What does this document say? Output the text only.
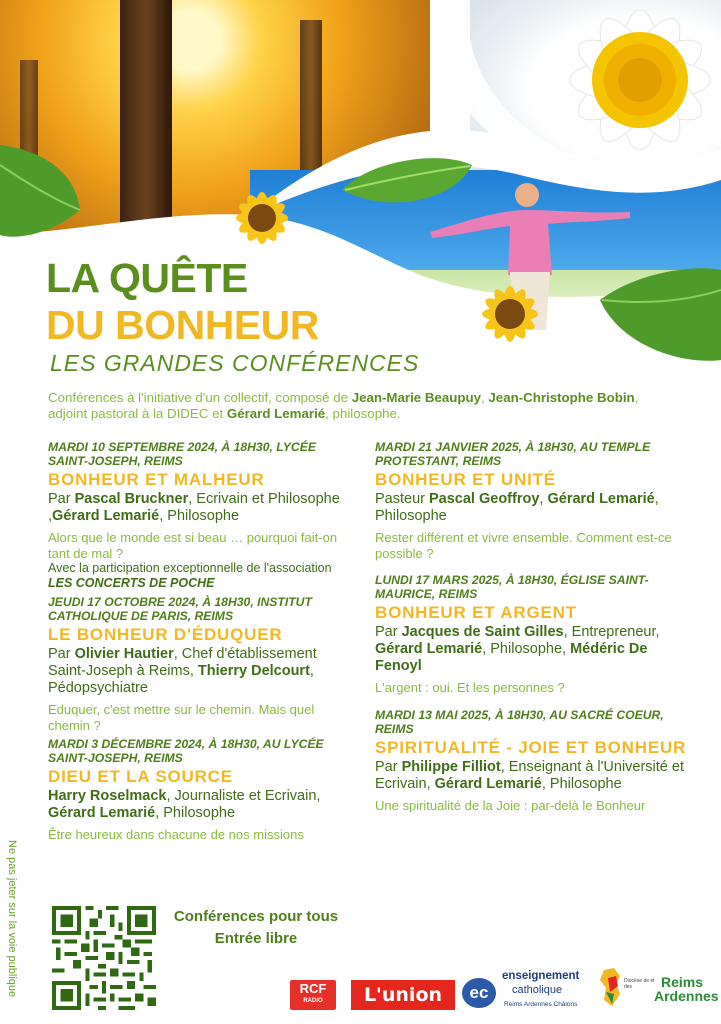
LA QUÊTE
DU BONHEUR
LES GRANDES CONFÉRENCES
Conférences à l'initiative d'un collectif, composé de Jean-Marie Beaupuy, Jean-Christophe Bobin, adjoint pastoral à la DIDEC et Gérard Lemarié, philosophe.
MARDI 10 SEPTEMBRE 2024, À 18H30, LYCÉE SAINT-JOSEPH, REIMS
BONHEUR ET MALHEUR
Par Pascal Bruckner, Ecrivain et Philosophe ,Gérard Lemarié, Philosophe
Alors que le monde est si beau … pourquoi fait-on tant de mal ?
Avec la participation exceptionnelle de l'association LES CONCERTS DE POCHE
JEUDI 17 OCTOBRE 2024, À 18H30, INSTITUT CATHOLIQUE DE PARIS, REIMS
LE BONHEUR D'ÉDUQUER
Par Olivier Hautier, Chef d'établissement Saint-Joseph à Reims, Thierry Delcourt, Pédopsychiatre
Eduquer, c'est mettre sur le chemin. Mais quel chemin ?
MARDI 3 DÉCEMBRE 2024, À 18H30, AU LYCÉE SAINT-JOSEPH, REIMS
DIEU ET LA SOURCE
Harry Roselmack, Journaliste et Ecrivain, Gérard Lemarié, Philosophe
Être heureux dans chacune de nos missions
MARDI 21 JANVIER 2025, À 18H30, AU TEMPLE PROTESTANT, REIMS
BONHEUR ET UNITÉ
Pasteur Pascal Geoffroy, Gérard Lemarié, Philosophe
Rester différent et vivre ensemble. Comment est-ce possible ?
LUNDI 17 MARS 2025, À 18H30, ÉGLISE SAINT-MAURICE, REIMS
BONHEUR ET ARGENT
Par Jacques de Saint Gilles, Entrepreneur, Gérard Lemarié, Philosophe, Médéric De Fenoyl
L'argent : oui. Et les personnes ?
MARDI 13 MAI 2025, À 18H30, AU SACRÉ COEUR, REIMS
SPIRITUALITÉ - JOIE ET BONHEUR
Par Philippe Filliot, Enseignant à l'Université et Ecrivain, Gérard Lemarié, Philosophe
Une spiritualité de la Joie : par-delà le Bonheur
Ne pas jeter sur la voie publique	Conférences pour tous
Entrée libre
RCF
RADIO	L'union	ec
enseignement
catholique
Reims Ardennes Châlons
Diocèse de et des	Reims
Ardennes
